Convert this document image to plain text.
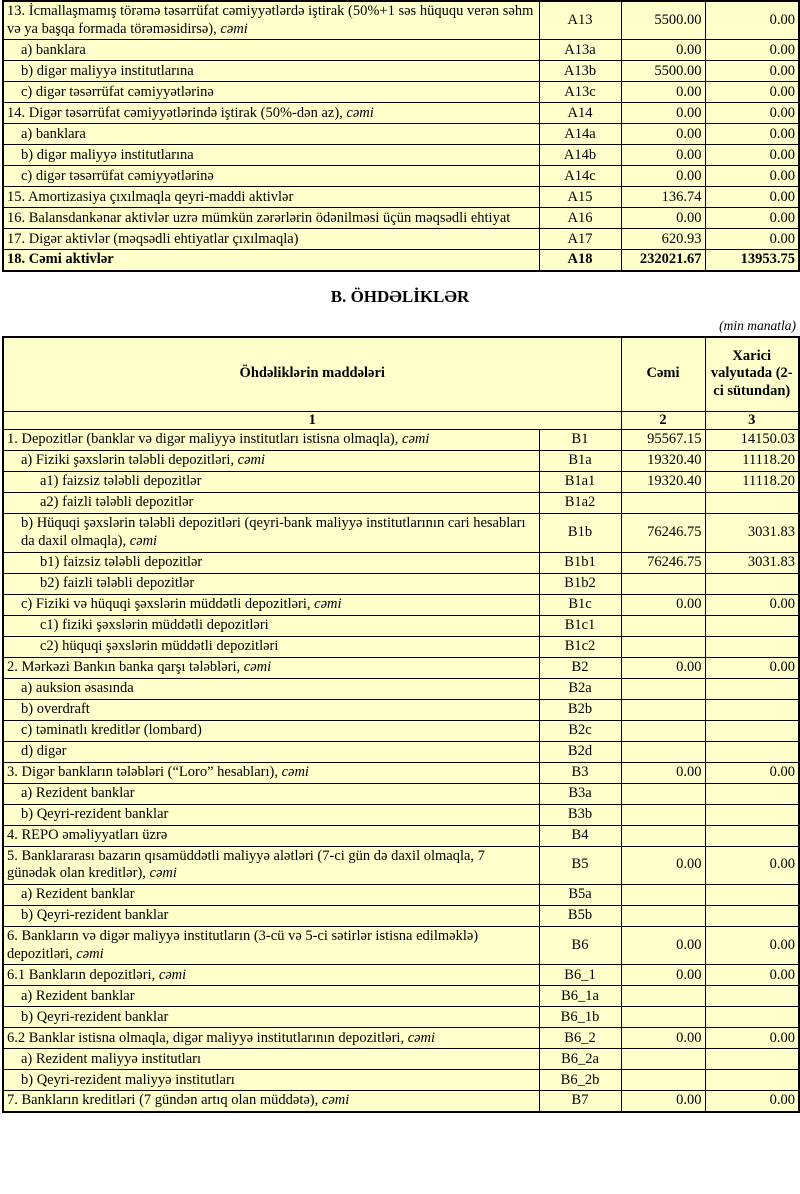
13. İcmallaşmamış törəmə təsərrüfat cəmiyyətlərdə iştirak (50%+1 səs hüququ verən səhm və ya başqa formada törəməsidirsə), cəmi	A13	5500.00	0.00
a) banklara	A13a	0.00	0.00
b) digər maliyyə institutlarına	A13b	5500.00	0.00
c) digər təsərrüfat cəmiyyətlərinə	A13c	0.00	0.00
14. Digər təsərrüfat cəmiyyətlərində iştirak (50%-dən az), cəmi	A14	0.00	0.00
a) banklara	A14a	0.00	0.00
b) digər maliyyə institutlarına	A14b	0.00	0.00
c) digər təsərrüfat cəmiyyətlərinə	A14c	0.00	0.00
15. Amortizasiya çıxılmaqla qeyri-maddi aktivlər	A15	136.74	0.00
16. Balansdankənar aktivlər uzrə mümkün zərərlərin ödənilməsi üçün məqsədli ehtiyat	A16	0.00	0.00
17. Digər aktivlər (məqsədli ehtiyatlar çıxılmaqla)	A17	620.93	0.00
18. Cəmi aktivlər	A18	232021.67	13953.75
B. ÖHDƏLİKLƏR
(min manatla)
Öhdəliklərin maddələri		Cəmi	Xarici valyutada (2-ci sütundan)
1		2	3
1. Depozitlər (banklar və digər maliyyə institutları istisna olmaqla), cəmi	B1	95567.15	14150.03
a) Fiziki şəxslərin tələbli depozitləri, cəmi	B1a	19320.40	11118.20
a1) faizsiz tələbli depozitlər	B1a1	19320.40	11118.20
a2) faizli tələbli depozitlər	B1a2		
b) Hüquqi şəxslərin tələbli depozitləri (qeyri-bank maliyyə institutlarının cari hesabları da daxil olmaqla), cəmi	B1b	76246.75	3031.83
b1) faizsiz tələbli depozitlər	B1b1	76246.75	3031.83
b2) faizli tələbli depozitlər	B1b2		
c) Fiziki və hüquqi şəxslərin müddətli depozitləri, cəmi	B1c	0.00	0.00
c1) fiziki şəxslərin müddətli depozitləri	B1c1		
c2) hüquqi şəxslərin müddətli depozitləri	B1c2		
2. Mərkəzi Bankın banka qarşı tələbləri, cəmi	B2	0.00	0.00
a) auksion əsasında	B2a		
b) overdraft	B2b		
c) təminatlı kreditlər (lombard)	B2c		
d) digər	B2d		
3. Digər bankların tələbləri (“Loro” hesabları), cəmi	B3	0.00	0.00
a) Rezident banklar	B3a		
b) Qeyri-rezident banklar	B3b		
4. REPO əməliyyatları üzrə	B4		
5. Banklararası bazarın qısamüddətli maliyyə alətləri (7-ci gün də daxil olmaqla, 7 günədək olan kreditlər), cəmi	B5	0.00	0.00
a) Rezident banklar	B5a		
b) Qeyri-rezident banklar	B5b		
6. Bankların və digər maliyyə institutların (3-cü və 5-ci sətirlər istisna edilməklə) depozitləri, cəmi	B6	0.00	0.00
6.1 Bankların depozitləri, cəmi	B6_1	0.00	0.00
a) Rezident banklar	B6_1a		
b) Qeyri-rezident banklar	B6_1b		
6.2 Banklar istisna olmaqla, digər maliyyə institutlarının depozitləri, cəmi	B6_2	0.00	0.00
a) Rezident maliyyə institutları	B6_2a		
b) Qeyri-rezident maliyyə institutları	B6_2b		
7. Bankların kreditləri (7 gündən artıq olan müddətə), cəmi	B7	0.00	0.00
